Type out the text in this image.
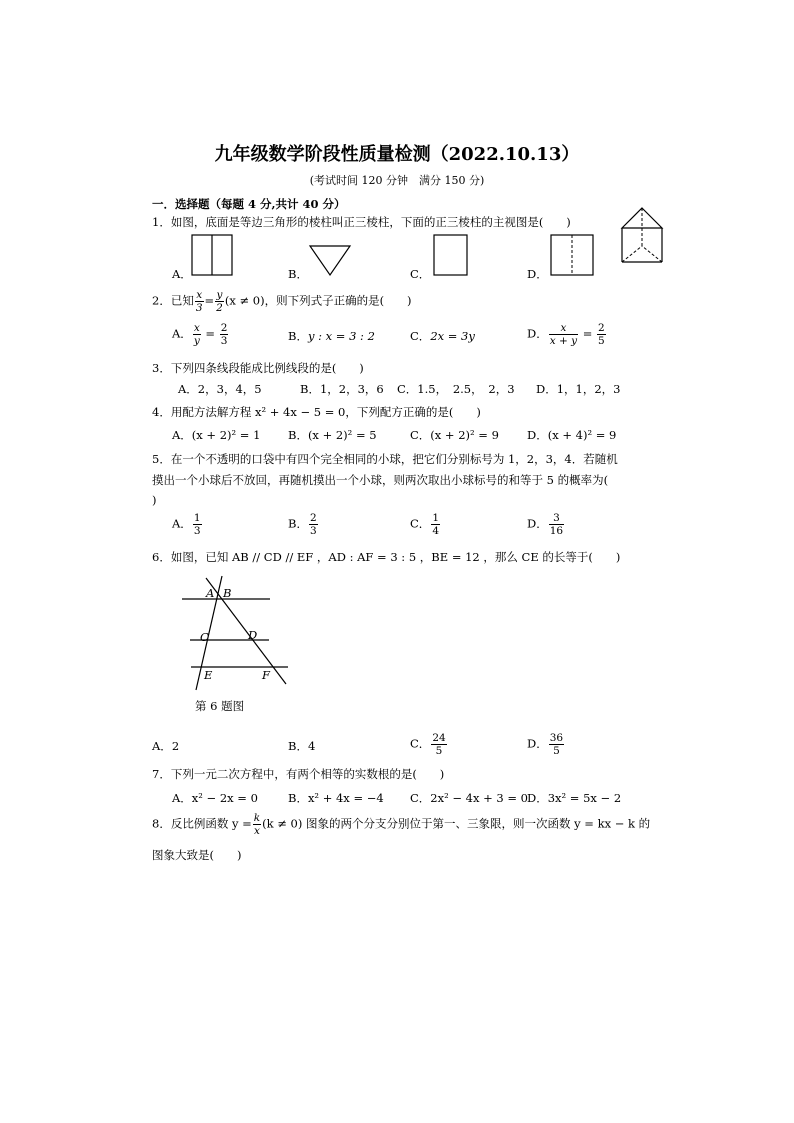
九年级数学阶段性质量检测（2022.10.13）
(考试时间 120 分钟　满分 150 分)
一．选择题（每题 4 分,共计 40 分）
1．如图，底面是等边三角形的棱柱叫正三棱柱，下面的正三棱柱的主视图是(　　)
A．	B．	C．	D．
2．已知 $\frac{x}{3} = \frac{y}{2} (x \ne 0)$，则下列式子正确的是(　　)
A． $\frac{x}{y} = \frac{2}{3}$	B．y : x = 3 : 2	C．2x = 3y	D． $\frac{x}{x + y} = \frac{2}{5}$
3．下列四条线段能成比例线段的是(　　)
A．2，3，4，5	B．1，2，3，6 C．1.5，　2.5，　2，3 D．1，1，2，3
4．用配方法解方程 x² + 4x − 5 = 0，下列配方正确的是(　　)
A．(x + 2)² = 1 B．(x + 2)² = 5	C．(x + 2)² = 9 D．(x + 4)² = 9
5．在一个不透明的口袋中有四个完全相同的小球，把它们分别标号为 1，2，3，4．若随机
摸出一个小球后不放回，再随机摸出一个小球，则两次取出小球标号的和等于 5 的概率为(
)
A． $\frac{1}{3}$	B． $\frac{2}{3}$	C． $\frac{1}{4}$	D． $\frac{3}{16}$
6．如图，已知 AB // CD // EF ，AD : AF = 3 : 5 ，BE = 12 ，那么 CE 的长等于(　　)
A B
C	D
E	F
第 6 题图
A．2	B．4	C． $\frac{24}{5}$	D． $\frac{36}{5}$
7．下列一元二次方程中，有两个相等的实数根的是(　　)
A．x² − 2x = 0	B．x² + 4x = −4 C．2x² − 4x + 3 = 0 D．3x² = 5x − 2
8．反比例函数 $y = \frac{k}{x} (k \ne 0)$ 图象的两个分支分别位于第一、三象限，则一次函数 y = kx − k 的
图象大致是(　　)
